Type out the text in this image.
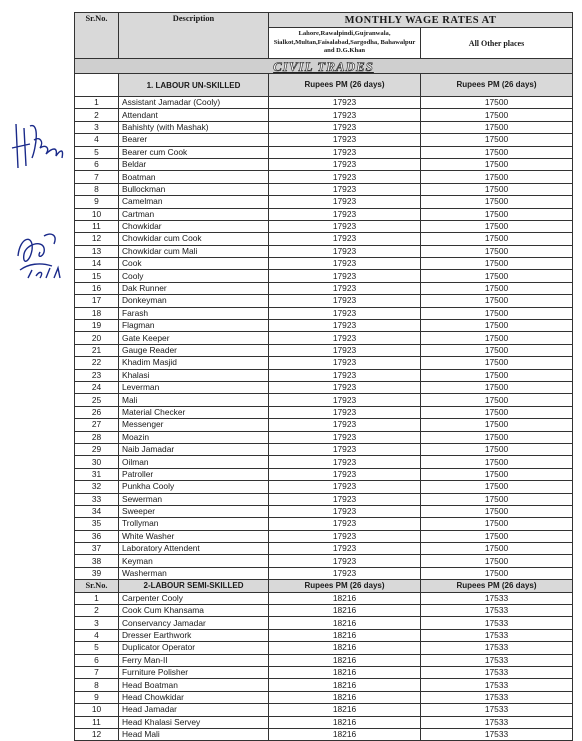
Sr.No.	Description	MONTHLY WAGE RATES AT	
		Lahore,Rawalpindi,Gujranwala, Sialkot,Multan,Faisalabad,Sargodha, Bahawalpur and D.G.Khan	All Other places
CIVIL TRADES			
	1. LABOUR UN-SKILLED	Rupees PM (26 days)	Rupees PM (26 days)
1	Assistant Jamadar (Cooly)	17923	17500
2	Attendant	17923	17500
3	Bahishty (with Mashak)	17923	17500
4	Bearer	17923	17500
5	Bearer cum Cook	17923	17500
6	Beldar	17923	17500
7	Boatman	17923	17500
8	Bullockman	17923	17500
9	Camelman	17923	17500
10	Cartman	17923	17500
11	Chowkidar	17923	17500
12	Chowkidar cum Cook	17923	17500
13	Chowkidar cum Mali	17923	17500
14	Cook	17923	17500
15	Cooly	17923	17500
16	Dak Runner	17923	17500
17	Donkeyman	17923	17500
18	Farash	17923	17500
19	Flagman	17923	17500
20	Gate Keeper	17923	17500
21	Gauge Reader	17923	17500
22	Khadim Masjid	17923	17500
23	Khalasi	17923	17500
24	Leverman	17923	17500
25	Mali	17923	17500
26	Material Checker	17923	17500
27	Messenger	17923	17500
28	Moazin	17923	17500
29	Naib Jamadar	17923	17500
30	Oilman	17923	17500
31	Patroller	17923	17500
32	Punkha Cooly	17923	17500
33	Sewerman	17923	17500
34	Sweeper	17923	17500
35	Trollyman	17923	17500
36	White Washer	17923	17500
37	Laboratory Attendent	17923	17500
38	Keyman	17923	17500
39	Washerman	17923	17500
Sr.No.	2-LABOUR SEMI-SKILLED	Rupees PM (26 days)	Rupees PM (26 days)
1	Carpenter Cooly	18216	17533
2	Cook Cum Khansama	18216	17533
3	Conservancy Jamadar	18216	17533
4	Dresser Earthwork	18216	17533
5	Duplicator Operator	18216	17533
6	Ferry Man-II	18216	17533
7	Furniture Polisher	18216	17533
8	Head Boatman	18216	17533
9	Head Chowkidar	18216	17533
10	Head Jamadar	18216	17533
11	Head Khalasi Servey	18216	17533
12	Head Mali	18216	17533
